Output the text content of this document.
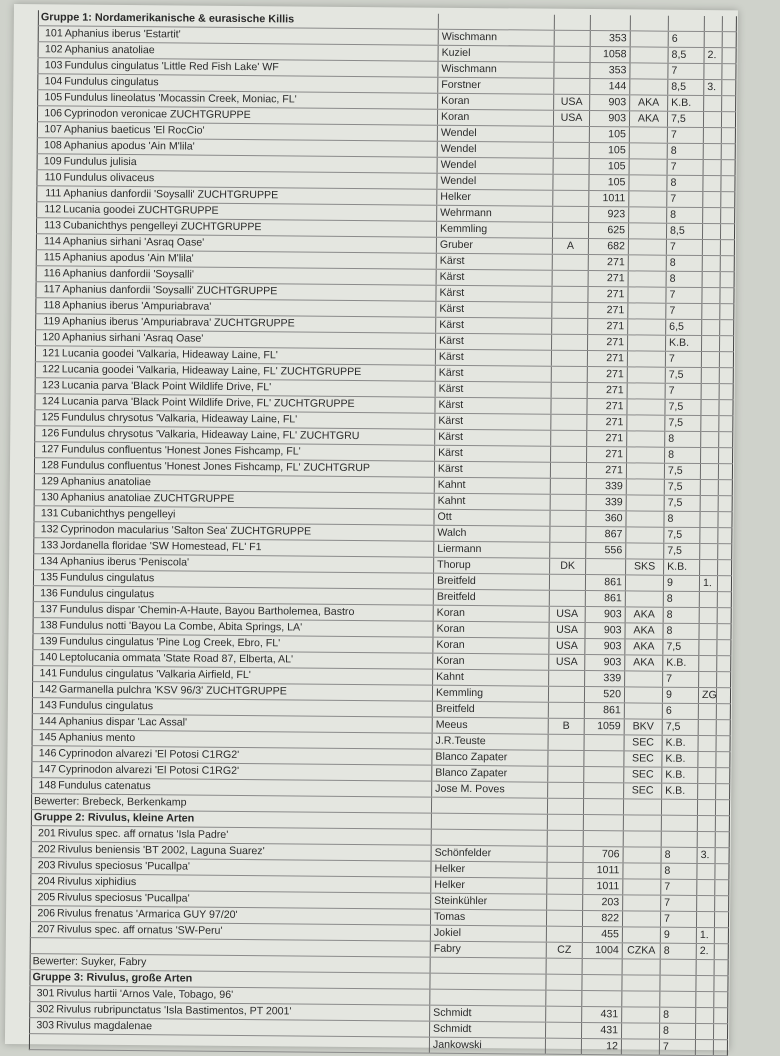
Gruppe 1: Nordamerikanische & eurasische Killis							
101 Aphanius iberus 'Estartit'	Wischmann		353		6		
102 Aphanius anatoliae	Kuziel		1058		8,5	2.	
103 Fundulus cingulatus 'Little Red Fish Lake' WF	Wischmann		353		7		
104 Fundulus cingulatus	Forstner		144		8,5	3.	
105 Fundulus lineolatus 'Mocassin Creek, Moniac, FL'	Koran	USA	903	AKA	K.B.		
106 Cyprinodon veronicae ZUCHTGRUPPE	Koran	USA	903	AKA	7,5		
107 Aphanius baeticus 'El RocCio'	Wendel		105		7		
108 Aphanius apodus 'Ain M'lila'	Wendel		105		8		
109 Fundulus julisia	Wendel		105		7		
110 Fundulus olivaceus	Wendel		105		8		
111 Aphanius danfordii 'Soysalli' ZUCHTGRUPPE	Helker		1011		7		
112 Lucania goodei ZUCHTGRUPPE	Wehrmann		923		8		
113 Cubanichthys pengelleyi ZUCHTGRUPPE	Kemmling		625		8,5		
114 Aphanius sirhani 'Asraq Oase'	Gruber	A	682		7		
115 Aphanius apodus 'Ain M'lila'	Kärst		271		8		
116 Aphanius danfordii 'Soysalli'	Kärst		271		8		
117 Aphanius danfordii 'Soysalli' ZUCHTGRUPPE	Kärst		271		7		
118 Aphanius iberus 'Ampuriabrava'	Kärst		271		7		
119 Aphanius iberus 'Ampuriabrava' ZUCHTGRUPPE	Kärst		271		6,5		
120 Aphanius sirhani 'Asraq Oase'	Kärst		271		K.B.		
121 Lucania goodei 'Valkaria, Hideaway Laine, FL'	Kärst		271		7		
122 Lucania goodei 'Valkaria, Hideaway Laine, FL' ZUCHTGRUPPE	Kärst		271		7,5		
123 Lucania parva 'Black Point Wildlife Drive, FL'	Kärst		271		7		
124 Lucania parva 'Black Point Wildlife Drive, FL' ZUCHTGRUPPE	Kärst		271		7,5		
125 Fundulus chrysotus 'Valkaria, Hideaway Laine, FL'	Kärst		271		7,5		
126 Fundulus chrysotus 'Valkaria, Hideaway Laine, FL' ZUCHTGRU	Kärst		271		8		
127 Fundulus confluentus 'Honest Jones Fishcamp, FL'	Kärst		271		8		
128 Fundulus confluentus 'Honest Jones Fishcamp, FL' ZUCHTGRUP	Kärst		271		7,5		
129 Aphanius anatoliae	Kahnt		339		7,5		
130 Aphanius anatoliae ZUCHTGRUPPE	Kahnt		339		7,5		
131 Cubanichthys pengelleyi	Ott		360		8		
132 Cyprinodon macularius 'Salton Sea' ZUCHTGRUPPE	Walch		867		7,5		
133 Jordanella floridae 'SW Homestead, FL' F1	Liermann		556		7,5		
134 Aphanius iberus 'Peniscola'	Thorup	DK		SKS	K.B.		
135 Fundulus cingulatus	Breitfeld		861		9	1.	
136 Fundulus cingulatus	Breitfeld		861		8		
137 Fundulus dispar 'Chemin-A-Haute, Bayou Bartholemea, Bastro	Koran	USA	903	AKA	8		
138 Fundulus notti 'Bayou La Combe, Abita Springs, LA'	Koran	USA	903	AKA	8		
139 Fundulus cingulatus 'Pine Log Creek, Ebro, FL'	Koran	USA	903	AKA	7,5		
140 Leptolucania ommata 'State Road 87, Elberta, AL'	Koran	USA	903	AKA	K.B.		
141 Fundulus cingulatus 'Valkaria Airfield, FL'	Kahnt		339		7		
142 Garmanella pulchra 'KSV 96/3' ZUCHTGRUPPE	Kemmling		520		9	ZG	
143 Fundulus cingulatus	Breitfeld		861		6		
144 Aphanius dispar 'Lac Assal'	Meeus	B	1059	BKV	7,5		
145 Aphanius mento	J.R.Teuste			SEC	K.B.		
146 Cyprinodon alvarezi 'El Potosi C1RG2'	Blanco Zapater			SEC	K.B.		
147 Cyprinodon alvarezi 'El Potosi C1RG2'	Blanco Zapater			SEC	K.B.		
148 Fundulus catenatus	Jose M. Poves			SEC	K.B.		
Bewerter: Brebeck, Berkenkamp							
Gruppe 2: Rivulus, kleine Arten							
201 Rivulus spec. aff ornatus 'Isla Padre'							
202 Rivulus beniensis 'BT 2002, Laguna Suarez'	Schönfelder		706		8	3.	
203 Rivulus speciosus 'Pucallpa'	Helker		1011		8		
204 Rivulus xiphidius	Helker		1011		7		
205 Rivulus speciosus 'Pucallpa'	Steinkühler		203		7		
206 Rivulus frenatus 'Armarica GUY 97/20'	Tomas		822		7		
207 Rivulus spec. aff ornatus 'SW-Peru'	Jokiel		455		9	1.	
	Fabry	CZ	1004	CZKA	8	2.	
Bewerter: Suyker, Fabry							
Gruppe 3: Rivulus, große Arten							
301 Rivulus hartii 'Arnos Vale, Tobago, 96'							
302 Rivulus rubripunctatus 'Isla Bastimentos, PT 2001'	Schmidt		431		8		
303 Rivulus magdalenae	Schmidt		431		8		
	Jankowski		12		7		
